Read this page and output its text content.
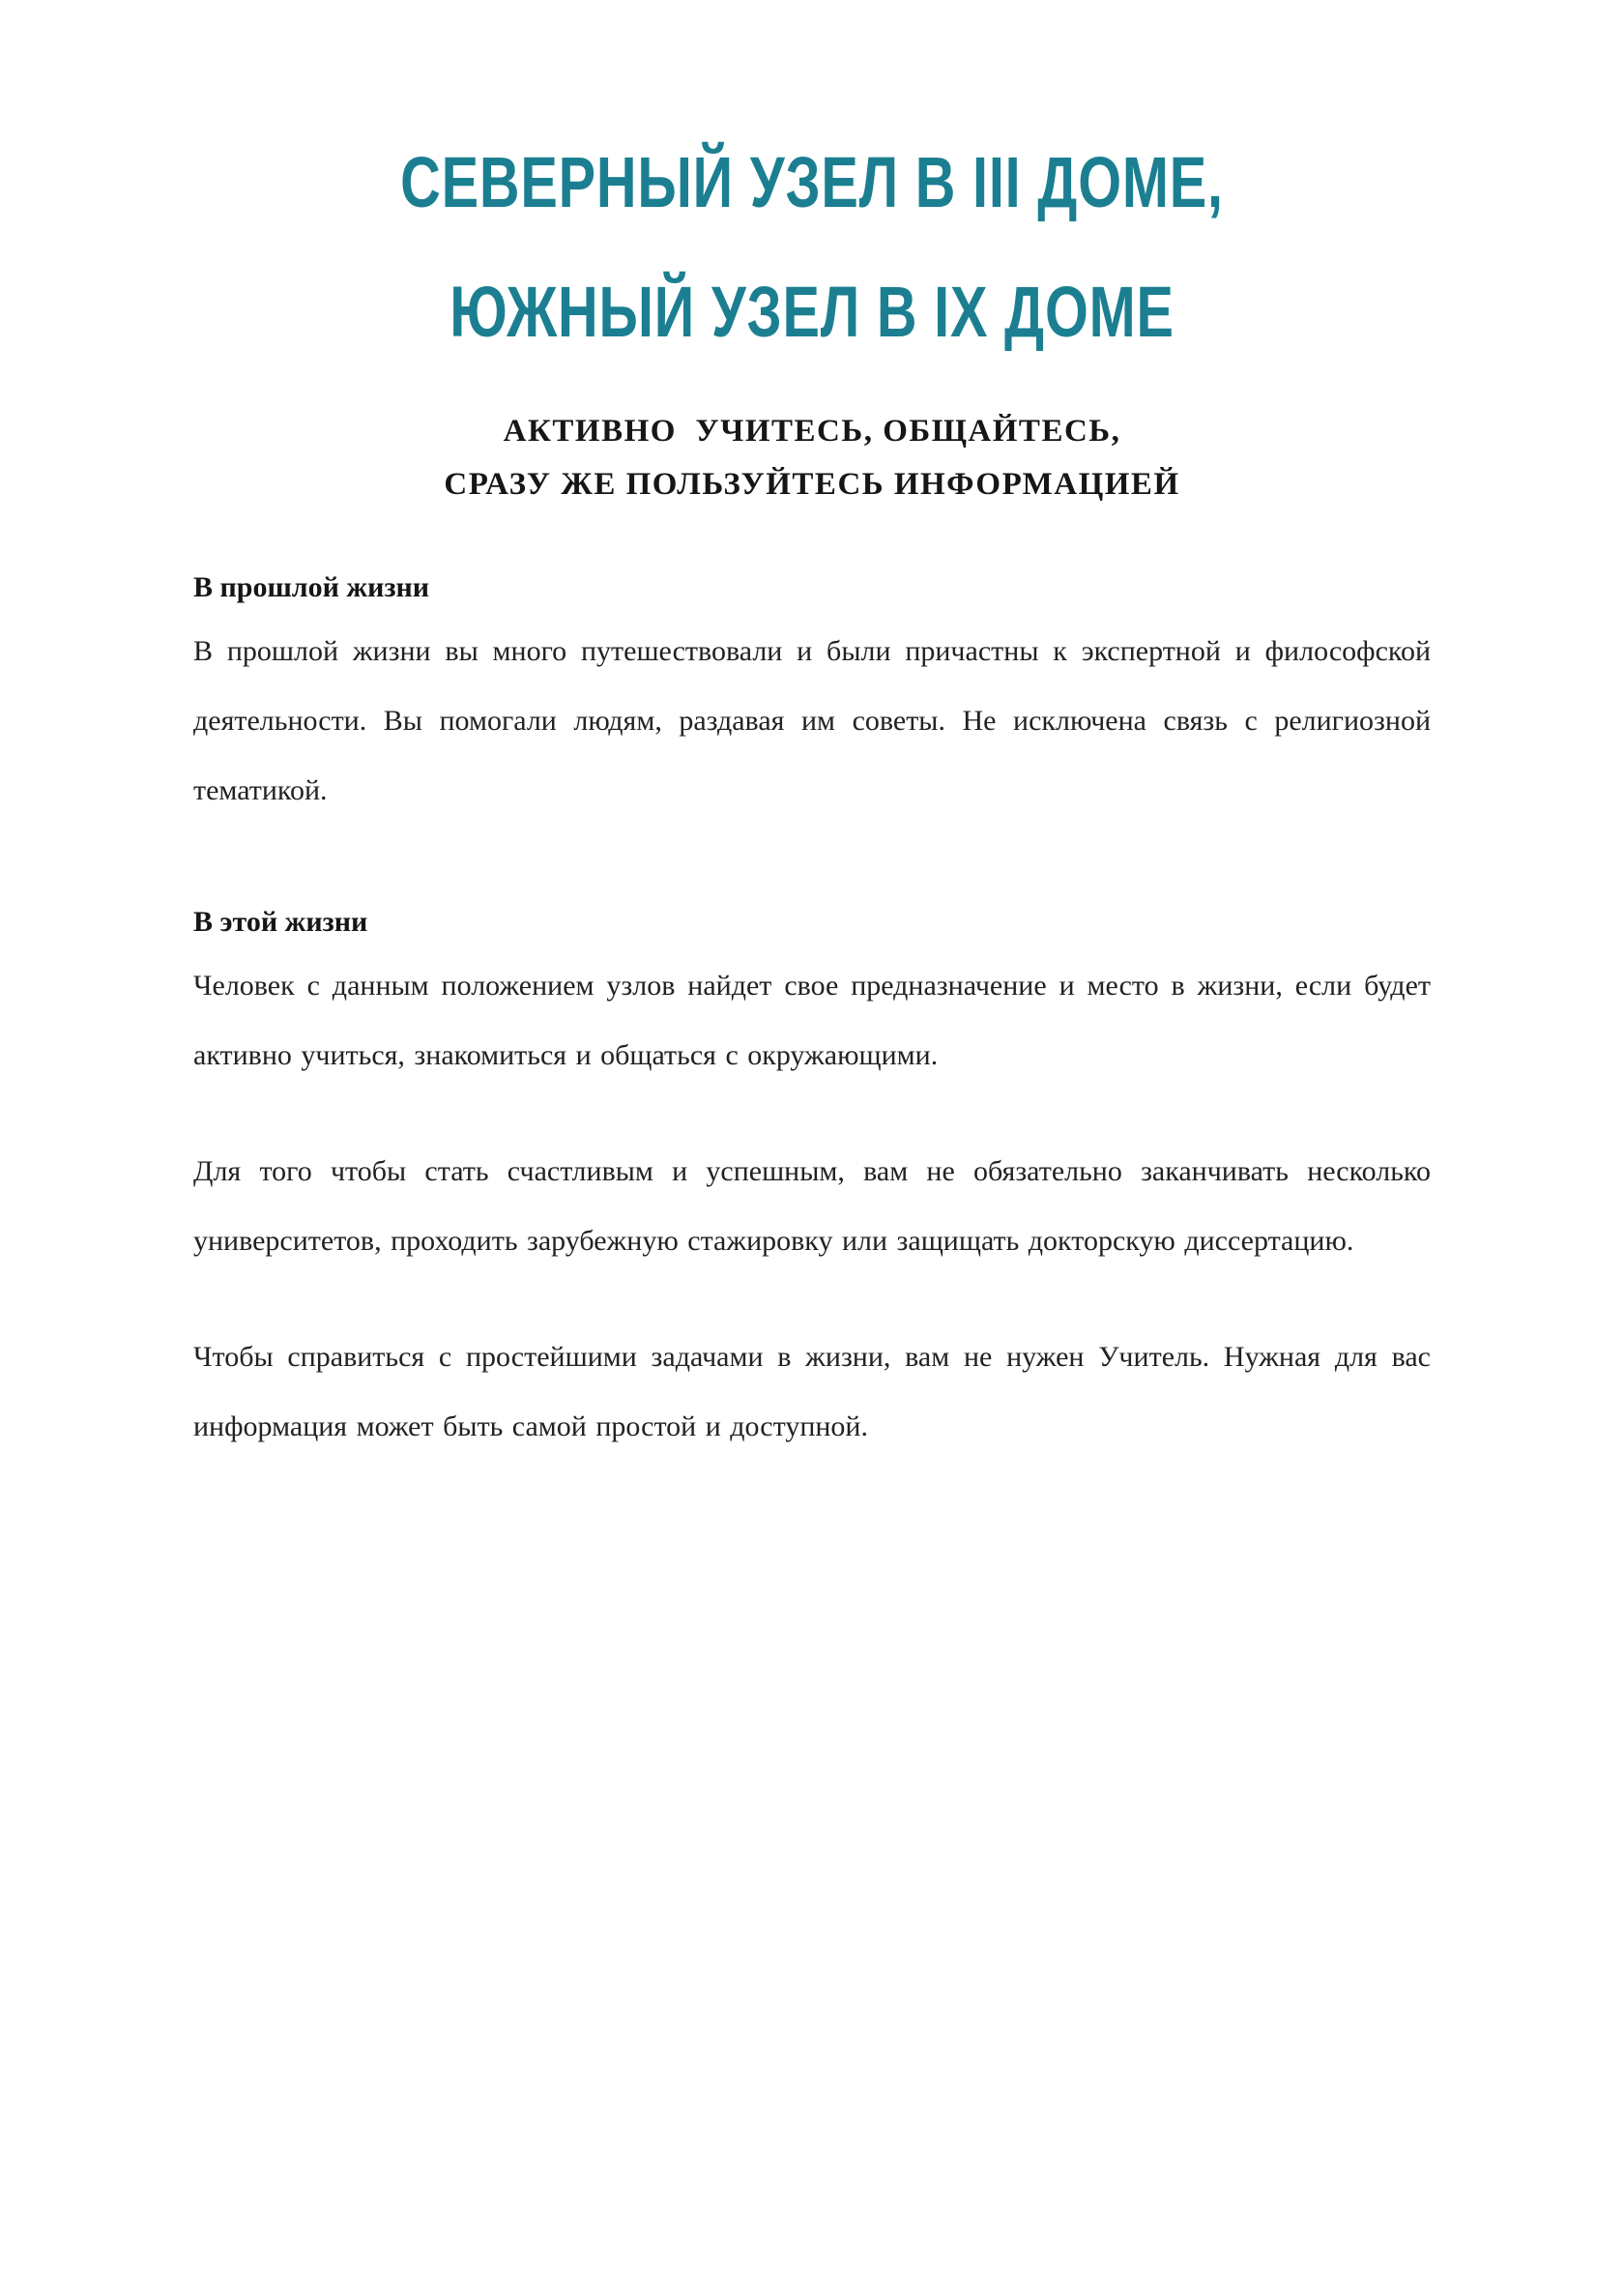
СЕВЕРНЫЙ УЗЕЛ В III ДОМЕ,
ЮЖНЫЙ УЗЕЛ В IX ДОМЕ
АКТИВНО  УЧИТЕСЬ, ОБЩАЙТЕСЬ,
СРАЗУ ЖЕ ПОЛЬЗУЙТЕСЬ ИНФОРМАЦИЕЙ
В прошлой жизни

В прошлой жизни вы много путешествовали и были причастны к экспертной и философской деятельности. Вы помогали людям, раздавая им советы. Не исключена связь с религиозной тематикой.

В этой жизни

Человек с данным положением узлов найдет свое предназначение и место в жизни, если будет активно учиться, знакомиться и общаться с окружающими.

Для того чтобы стать счастливым и успешным, вам не обязательно заканчивать несколько университетов, проходить зарубежную стажировку или защищать докторскую диссертацию.

Чтобы справиться с простейшими задачами в жизни, вам не нужен Учитель. Нужная для вас информация может быть самой простой и доступной.
